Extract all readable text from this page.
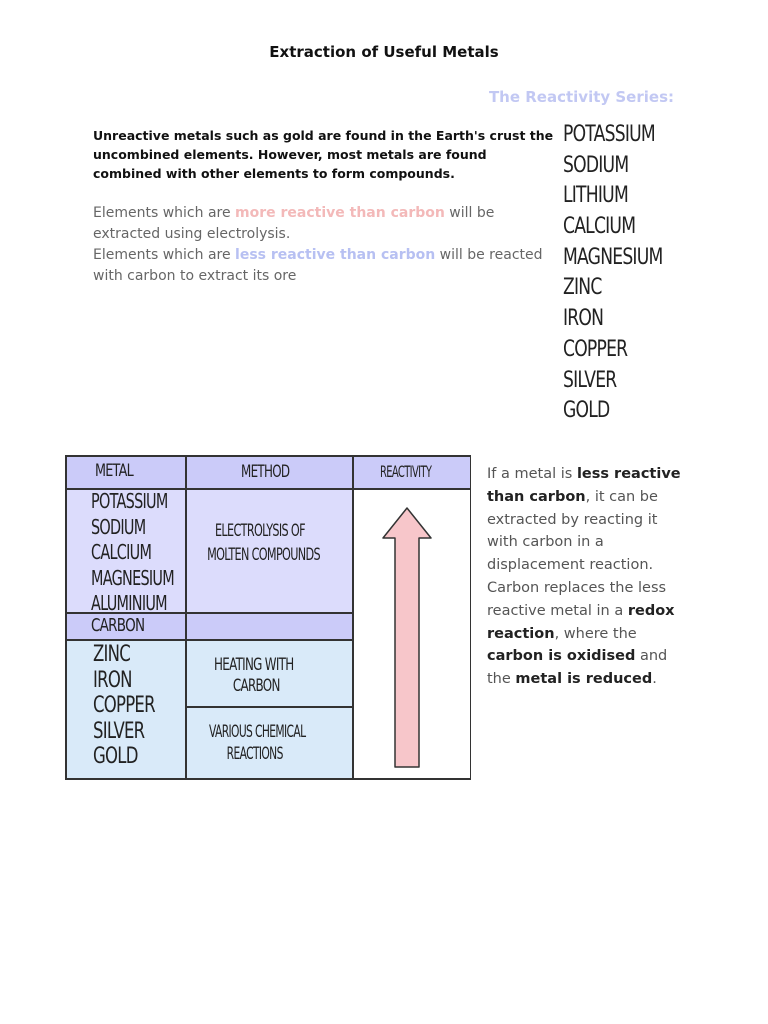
Extraction of Useful Metals
The Reactivity Series:
Unreactive metals such as gold are found in the Earth's crust the uncombined elements. However, most metals are found combined with other elements to form compounds.
Elements which are more reactive than carbon will be extracted using electrolysis.
Elements which are less reactive than carbon will be reacted with carbon to extract its ore
POTASSIUM
SODIUM
LITHIUM
CALCIUM
MAGNESIUM
ZINC
IRON
COPPER
SILVER
GOLD
METAL	METHOD	REACTIVITY
POTASSIUM
SODIUM
CALCIUM
MAGNESIUM
ALUMINIUM
CARBON
ZINC
IRON
COPPER
SILVER
GOLD
ELECTROLYSIS OF
MOLTEN COMPOUNDS
HEATING WITH
CARBON
VARIOUS CHEMICAL
REACTIONS
If a metal is less reactive than carbon, it can be extracted by reacting it with carbon in a displacement reaction. Carbon replaces the less reactive metal in a redox reaction, where the carbon is oxidised and the metal is reduced.
